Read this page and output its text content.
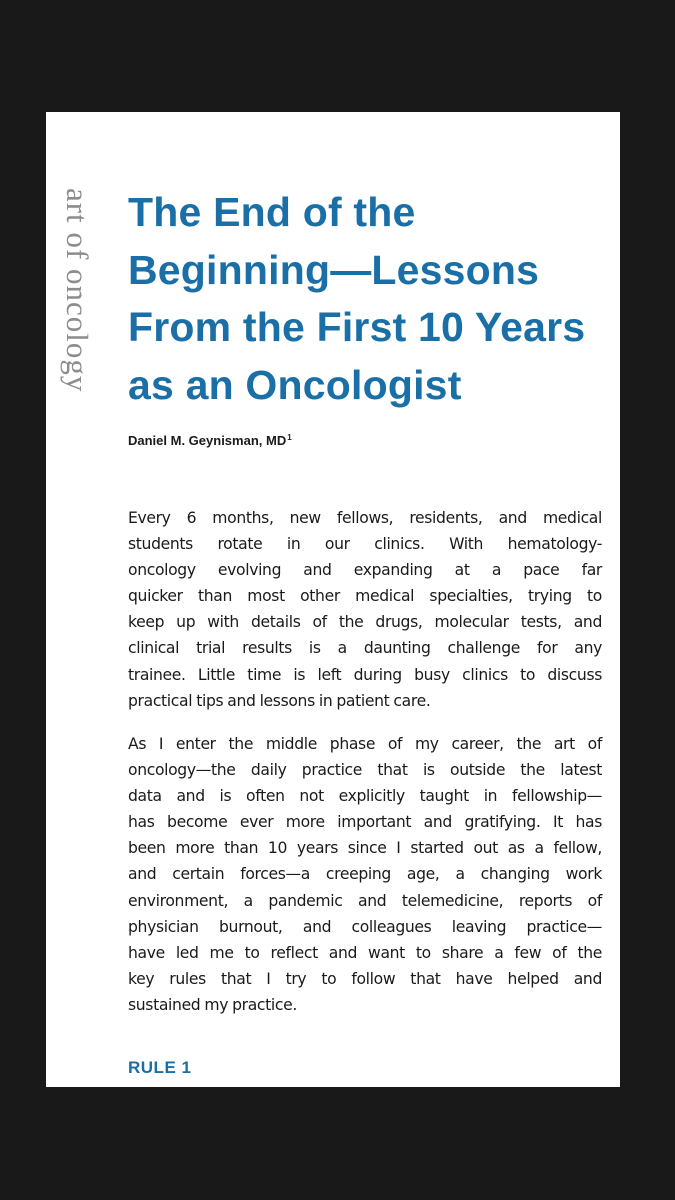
art of oncology The End of the
Beginning—Lessons
From the First 10 Years
as an Oncologist
Daniel M. Geynisman, $MD^1$

Every 6 months, new fellows, residents, and medical
students rotate in our clinics. With hematology-
oncology evolving and expanding at a pace far
quicker than most other medical specialties, trying to
keep up with details of the drugs, molecular tests, and
clinical trial results is a daunting challenge for any
trainee. Little time is left during busy clinics to discuss
practical tips and lessons in patient care.

As I enter the middle phase of my career, the art of
oncology—the daily practice that is outside the latest
data and is often not explicitly taught in fellowship—
has become ever more important and gratifying. It has
been more than 10 years since I started out as a fellow,
and certain forces—a creeping age, a changing work
environment, a pandemic and telemedicine, reports of
physician burnout, and colleagues leaving practice—
have led me to reflect and want to share a few of the
key rules that I try to follow that have helped and
sustained my practice.

RULE 1
